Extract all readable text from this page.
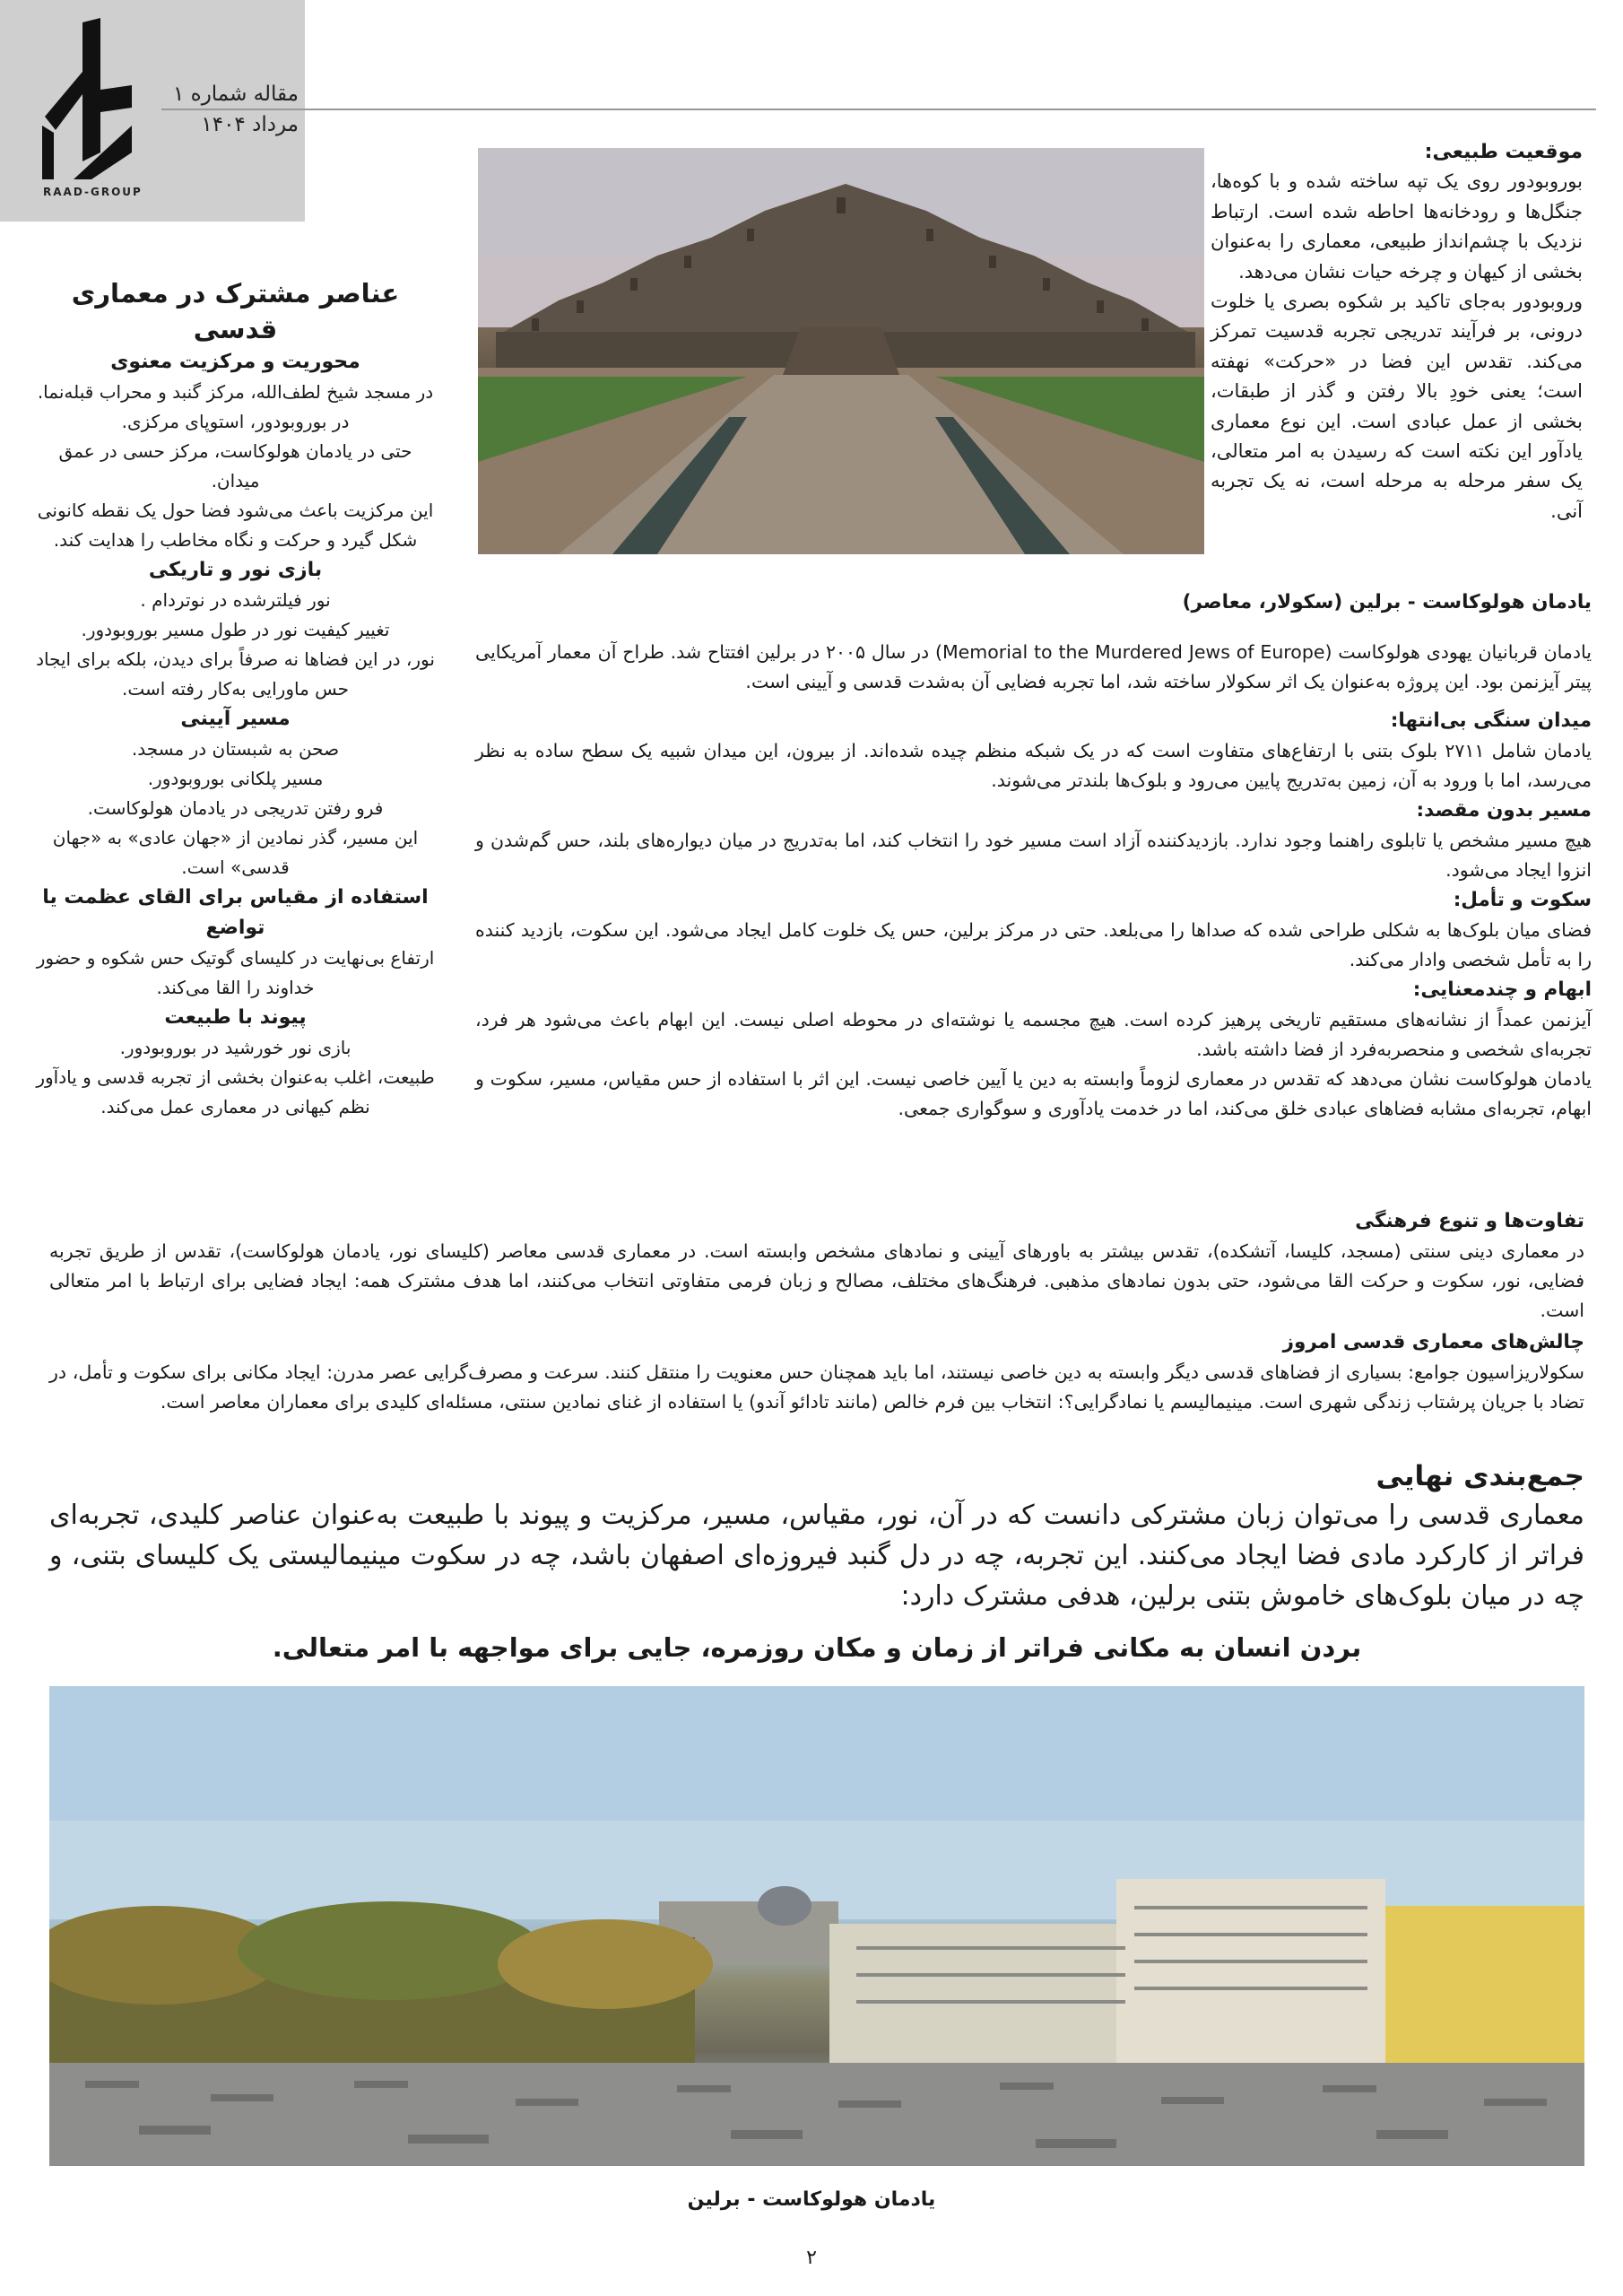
RAAD-GROUP
مقاله شماره ۱
مرداد ۱۴۰۴
موقعیت طبیعی:

بوروبودور روی یک تپه ساخته شده و با کوه‌ها، جنگل‌ها و رودخانه‌ها احاطه شده است. ارتباط نزدیک با چشم‌انداز طبیعی، معماری را به‌عنوان بخشی از کیهان و چرخه حیات نشان می‌دهد.

وروبودور به‌جای تاکید بر شکوه بصری یا خلوت درونی، بر فرآیند تدریجی تجربه قدسیت تمرکز می‌کند. تقدس این فضا در «حرکت» نهفته است؛ یعنی خودِ بالا رفتن و گذر از طبقات، بخشی از عمل عبادی است. این نوع معماری یادآور این نکته است که رسیدن به امر متعالی، یک سفر مرحله به مرحله است، نه یک تجربه آنی.

عناصر مشترک در معماری قدسی
محوریت و مرکزیت معنوی

در مسجد شیخ لطف‌الله، مرکز گنبد و محراب قبله‌نما.

در بوروبودور، استوپای مرکزی.

حتی در یادمان هولوکاست، مرکز حسی در عمق میدان.

این مرکزیت باعث می‌شود فضا حول یک نقطه کانونی شکل گیرد و حرکت و نگاه مخاطب را هدایت کند.

بازی نور و تاریکی

نور فیلترشده در نوتردام .

تغییر کیفیت نور در طول مسیر بوروبودور.

نور، در این فضاها نه صرفاً برای دیدن، بلکه برای ایجاد حس ماورایی به‌کار رفته است.

مسیر آیینی

صحن به شبستان در مسجد.

مسیر پلکانی بوروبودور.

فرو رفتن تدریجی در یادمان هولوکاست.

این مسیر، گذر نمادین از «جهان عادی» به «جهان قدسی» است.

استفاده از مقیاس برای القای عظمت یا تواضع

ارتفاع بی‌نهایت در کلیسای گوتیک حس شکوه و حضور خداوند را القا می‌کند.

پیوند با طبیعت

بازی نور خورشید در بوروبودور.

طبیعت، اغلب به‌عنوان بخشی از تجربه قدسی و یادآور نظم کیهانی در معماری عمل می‌کند.

یادمان هولوکاست - برلین (سکولار، معاصر)

یادمان قربانیان یهودی هولوکاست (Memorial to the Murdered Jews of Europe) در سال ۲۰۰۵ در برلین افتتاح شد. طراح آن معمار آمریکایی پیتر آیزنمن بود. این پروژه به‌عنوان یک اثر سکولار ساخته شد، اما تجربه فضایی آن به‌شدت قدسی و آیینی است.

میدان سنگی بی‌انتها:

یادمان شامل ۲۷۱۱ بلوک بتنی با ارتفاع‌های متفاوت است که در یک شبکه منظم چیده شده‌اند. از بیرون، این میدان شبیه یک سطح ساده به نظر می‌رسد، اما با ورود به آن، زمین به‌تدریج پایین می‌رود و بلوک‌ها بلندتر می‌شوند.

مسیر بدون مقصد:

هیچ مسیر مشخص یا تابلوی راهنما وجود ندارد. بازدیدکننده آزاد است مسیر خود را انتخاب کند، اما به‌تدریج در میان دیواره‌های بلند، حس گم‌شدن و انزوا ایجاد می‌شود.

سکوت و تأمل:

فضای میان بلوک‌ها به شکلی طراحی شده که صداها را می‌بلعد. حتی در مرکز برلین، حس یک خلوت کامل ایجاد می‌شود. این سکوت، بازدید کننده را به تأمل شخصی وادار می‌کند.

ابهام و چندمعنایی:

آیزنمن عمداً از نشانه‌های مستقیم تاریخی پرهیز کرده است. هیچ مجسمه یا نوشته‌ای در محوطه اصلی نیست. این ابهام باعث می‌شود هر فرد، تجربه‌ای شخصی و منحصربه‌فرد از فضا داشته باشد.

یادمان هولوکاست نشان می‌دهد که تقدس در معماری لزوماً وابسته به دین یا آیین خاصی نیست. این اثر با استفاده از حس مقیاس، مسیر، سکوت و ابهام، تجربه‌ای مشابه فضاهای عبادی خلق می‌کند، اما در خدمت یادآوری و سوگواری جمعی.

تفاوت‌ها و تنوع فرهنگی

در معماری دینی سنتی (مسجد، کلیسا، آتشکده)، تقدس بیشتر به باورهای آیینی و نمادهای مشخص وابسته است. در معماری قدسی معاصر (کلیسای نور، یادمان هولوکاست)، تقدس از طریق تجربه فضایی، نور، سکوت و حرکت القا می‌شود، حتی بدون نمادهای مذهبی. فرهنگ‌های مختلف، مصالح و زبان فرمی متفاوتی انتخاب می‌کنند، اما هدف مشترک همه: ایجاد فضایی برای ارتباط با امر متعالی است.

چالش‌های معماری قدسی امروز

سکولاریزاسیون جوامع: بسیاری از فضاهای قدسی دیگر وابسته به دین خاصی نیستند، اما باید همچنان حس معنویت را منتقل کنند. سرعت و مصرف‌گرایی عصر مدرن: ایجاد مکانی برای سکوت و تأمل، در تضاد با جریان پرشتاب زندگی شهری است. مینیمالیسم یا نمادگرایی؟: انتخاب بین فرم خالص (مانند تادائو آندو) یا استفاده از غنای نمادین سنتی، مسئله‌ای کلیدی برای معماران معاصر است.

جمع‌بندی نهایی

معماری قدسی را می‌توان زبان مشترکی دانست که در آن، نور، مقیاس، مسیر، مرکزیت و پیوند با طبیعت به‌عنوان عناصر کلیدی، تجربه‌ای فراتر از کارکرد مادی فضا ایجاد می‌کنند. این تجربه، چه در دل گنبد فیروزه‌ای اصفهان باشد، چه در سکوت مینیمالیستی یک کلیسای بتنی، و چه در میان بلوک‌های خاموش بتنی برلین، هدفی مشترک دارد:

بردن انسان به مکانی فراتر از زمان و مکان روزمره، جایی برای مواجهه با امر متعالی.
یادمان هولوکاست - برلین
۲
